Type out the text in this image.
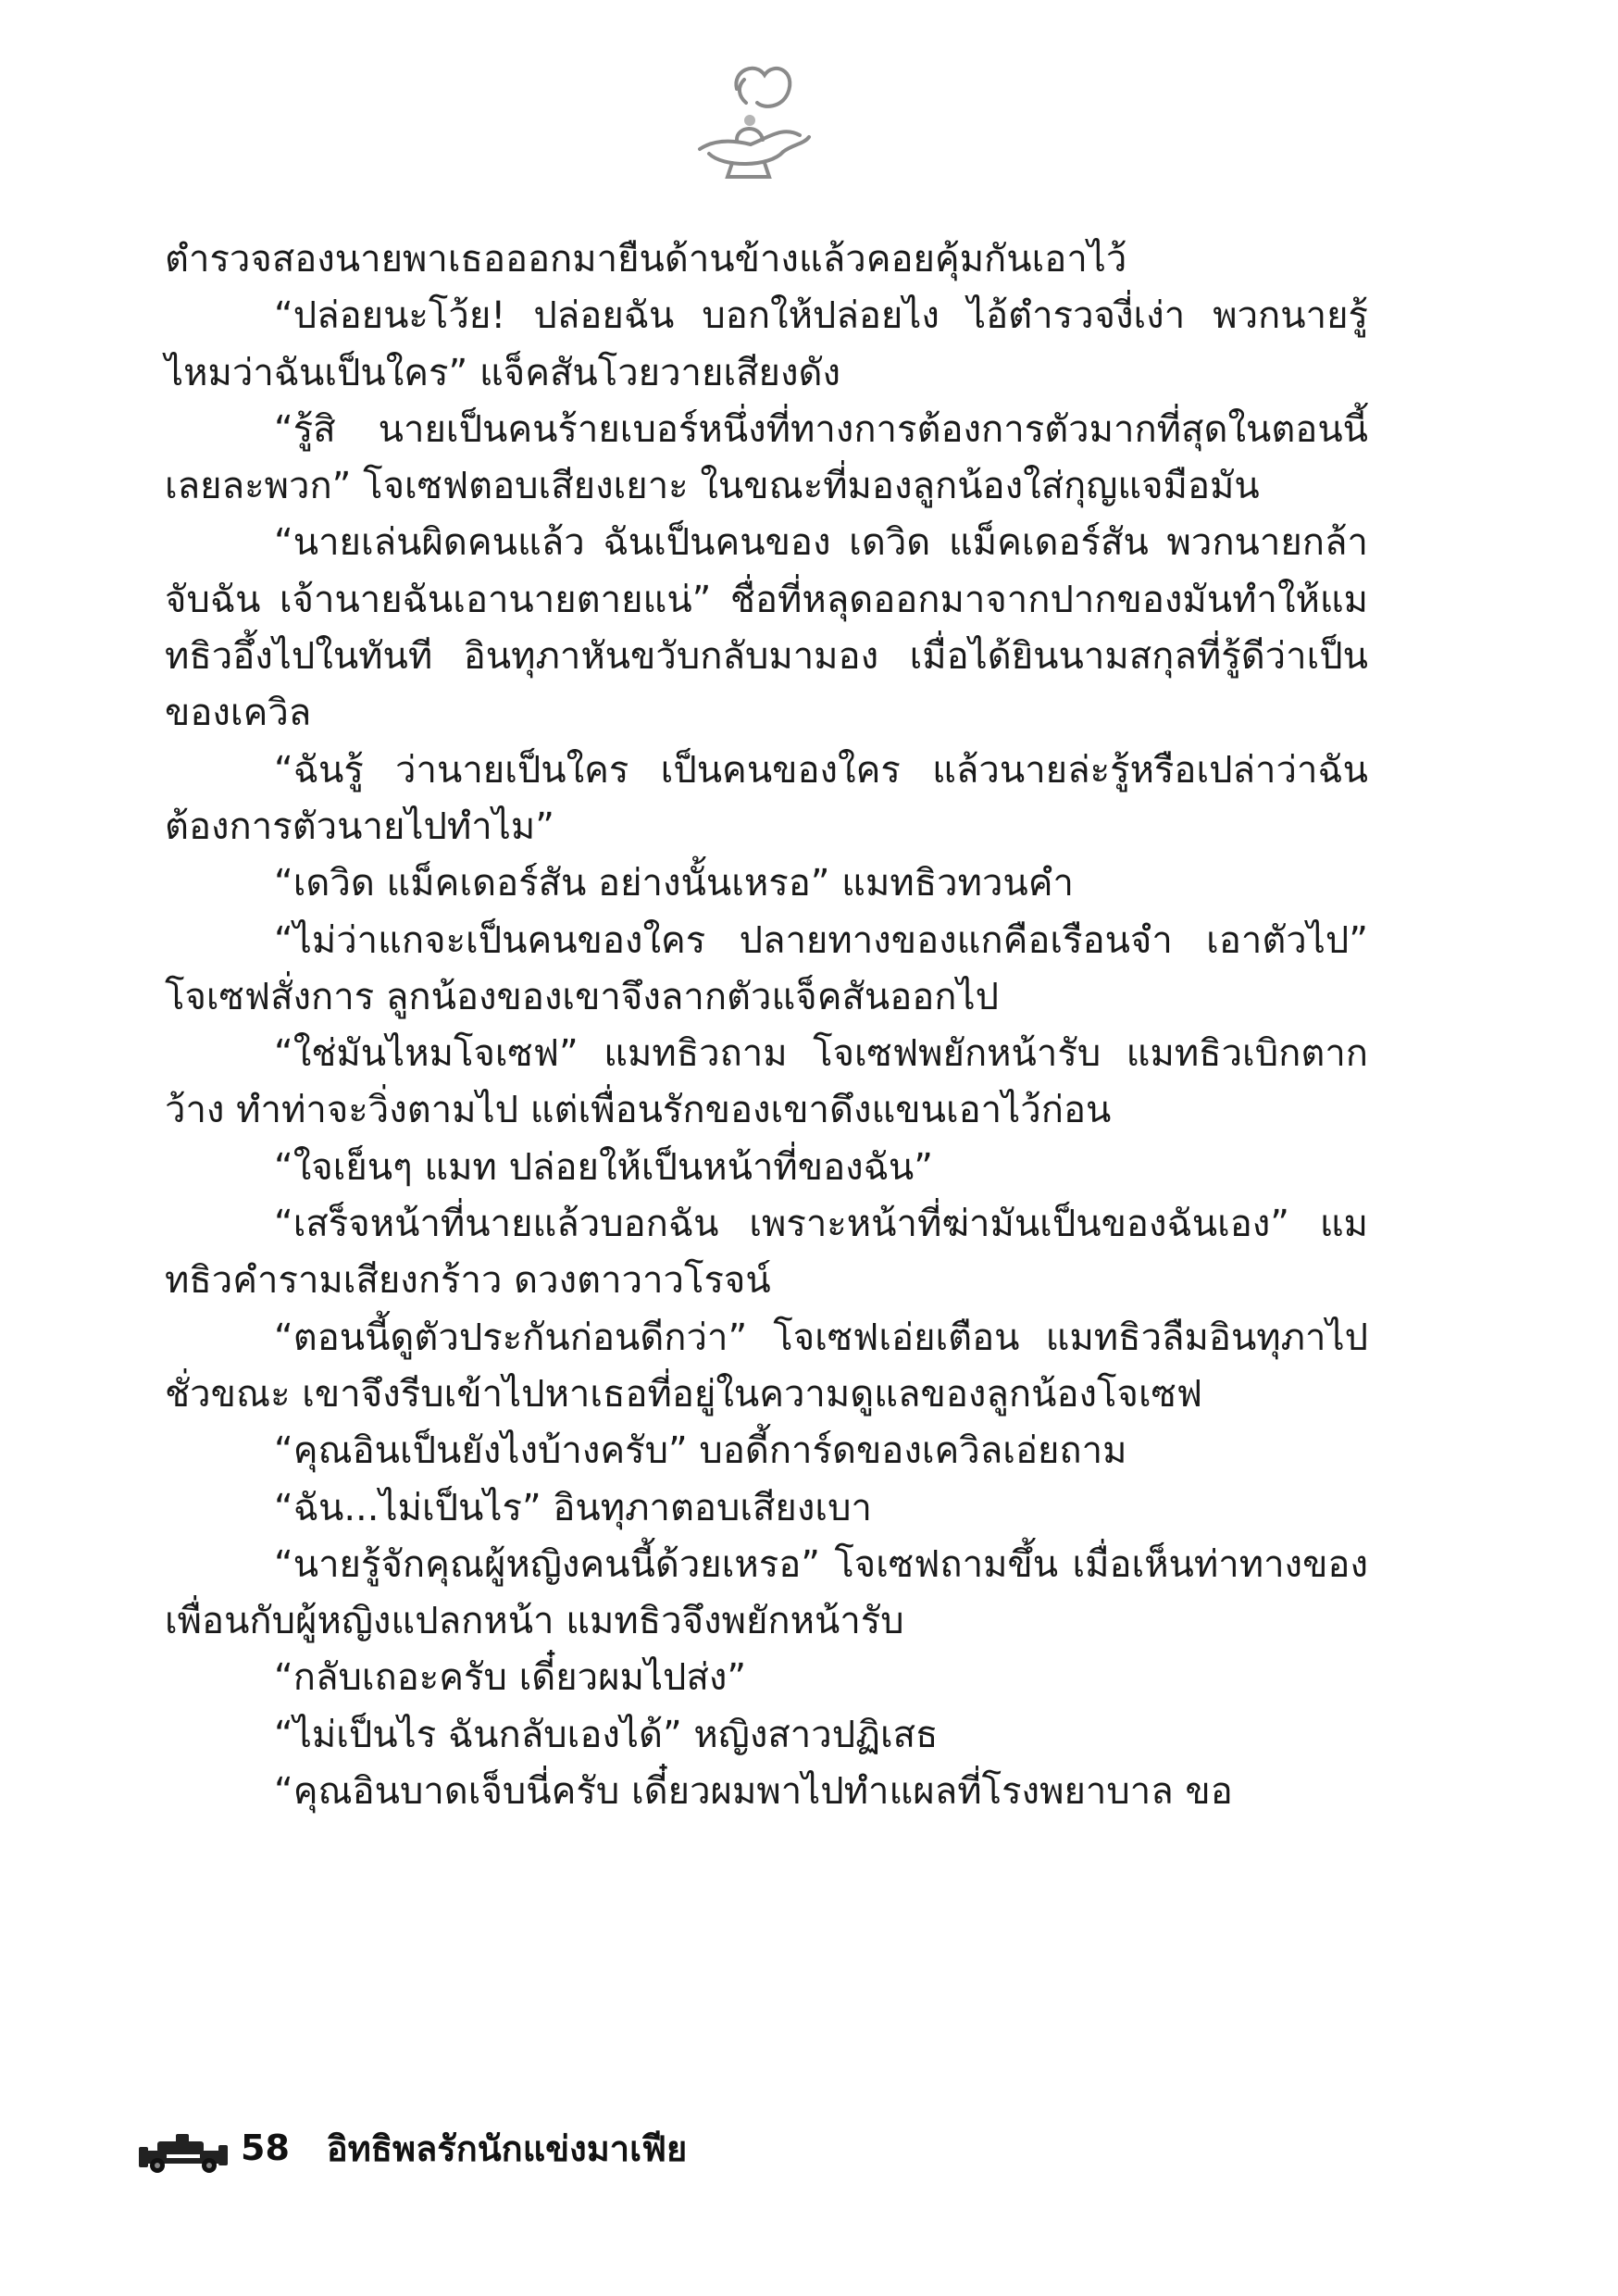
ตำรวจสองนายพาเธอออกมายืนด้านข้างแล้วคอยคุ้มกันเอาไว้

“ปล่อยนะโว้ย! ปล่อยฉัน บอกให้ปล่อยไง ไอ้ตำรวจงี่เง่า พวกนายรู้ไหมว่าฉันเป็นใคร” แจ็คสันโวยวายเสียงดัง

“รู้สิ นายเป็นคนร้ายเบอร์หนึ่งที่ทางการต้องการตัวมากที่สุดในตอนนี้เลยละพวก” โจเซฟตอบเสียงเยาะ ในขณะที่มองลูกน้องใส่กุญแจมือมัน

“นายเล่นผิดคนแล้ว ฉันเป็นคนของ เดวิด แม็คเดอร์สัน พวกนายกล้าจับฉัน เจ้านายฉันเอานายตายแน่” ชื่อที่หลุดออกมาจากปากของมันทำให้แมทธิวอึ้งไปในทันที อินทุภาหันขวับกลับมามอง เมื่อได้ยินนามสกุลที่รู้ดีว่าเป็นของเควิล

“ฉันรู้ ว่านายเป็นใคร เป็นคนของใคร แล้วนายล่ะรู้หรือเปล่าว่าฉันต้องการตัวนายไปทำไม”

“เดวิด แม็คเดอร์สัน อย่างนั้นเหรอ” แมทธิวทวนคำ

“ไม่ว่าแกจะเป็นคนของใคร ปลายทางของแกคือเรือนจำ เอาตัวไป” โจเซฟสั่งการ ลูกน้องของเขาจึงลากตัวแจ็คสันออกไป

“ใช่มันไหมโจเซฟ” แมทธิวถาม โจเซฟพยักหน้ารับ แมทธิวเบิกตากว้าง ทำท่าจะวิ่งตามไป แต่เพื่อนรักของเขาดึงแขนเอาไว้ก่อน

“ใจเย็นๆ แมท ปล่อยให้เป็นหน้าที่ของฉัน”

“เสร็จหน้าที่นายแล้วบอกฉัน เพราะหน้าที่ฆ่ามันเป็นของฉันเอง” แมทธิวคำรามเสียงกร้าว ดวงตาวาวโรจน์

“ตอนนี้ดูตัวประกันก่อนดีกว่า” โจเซฟเอ่ยเตือน แมทธิวลืมอินทุภาไปชั่วขณะ เขาจึงรีบเข้าไปหาเธอที่อยู่ในความดูแลของลูกน้องโจเซฟ

“คุณอินเป็นยังไงบ้างครับ” บอดี้การ์ดของเควิลเอ่ยถาม

“ฉัน...ไม่เป็นไร” อินทุภาตอบเสียงเบา

“นายรู้จักคุณผู้หญิงคนนี้ด้วยเหรอ” โจเซฟถามขึ้น เมื่อเห็นท่าทางของเพื่อนกับผู้หญิงแปลกหน้า แมทธิวจึงพยักหน้ารับ

“กลับเถอะครับ เดี๋ยวผมไปส่ง”

“ไม่เป็นไร ฉันกลับเองได้” หญิงสาวปฏิเสธ

“คุณอินบาดเจ็บนี่ครับ เดี๋ยวผมพาไปทำแผลที่โรงพยาบาล ขอ

58 อิทธิพลรักนักแข่งมาเฟีย
